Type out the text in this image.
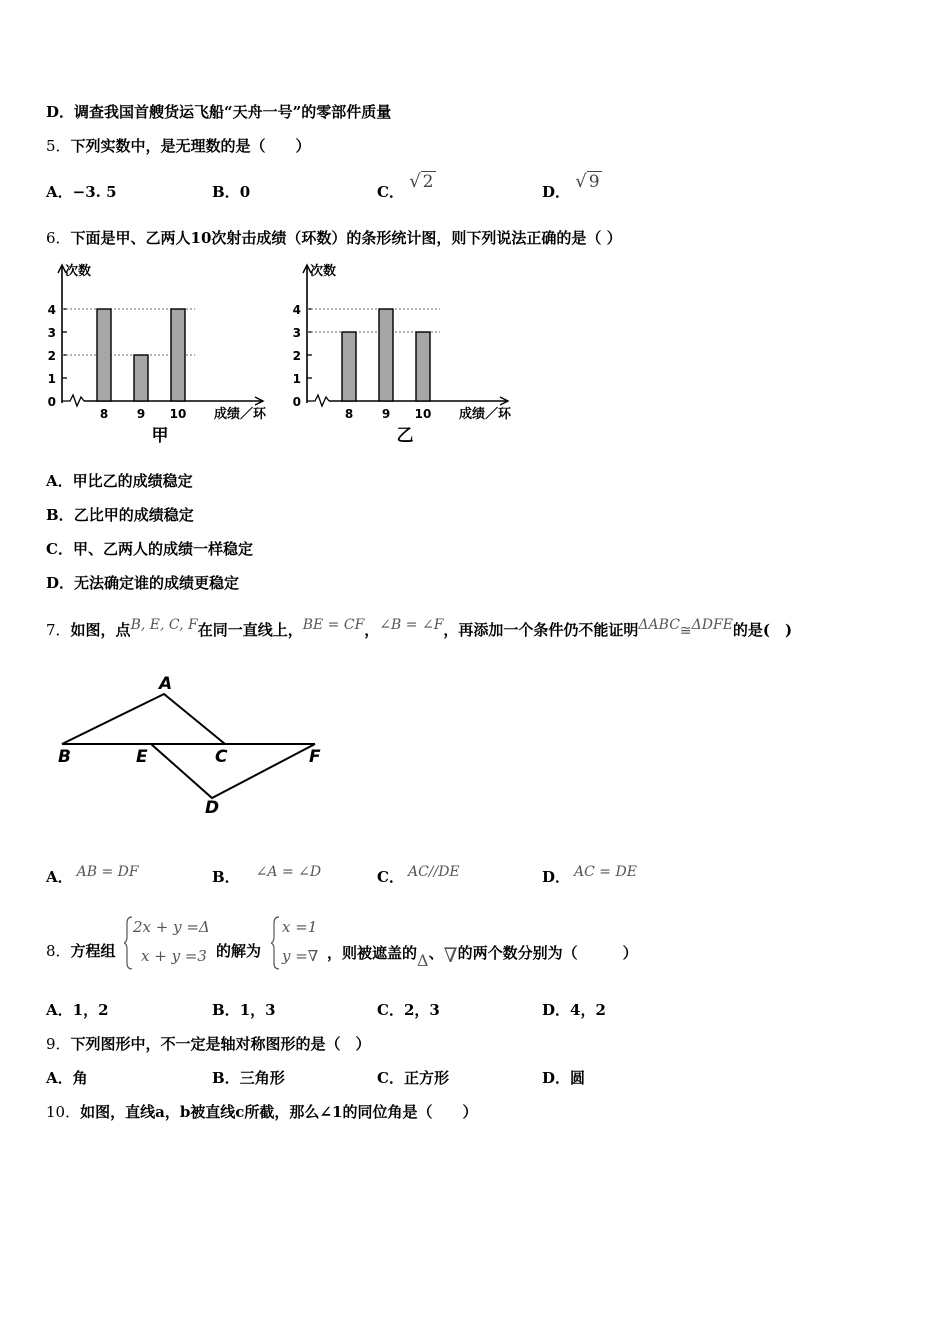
D．调查我国首艘货运飞船“天舟一号”的零部件质量
5．下列实数中，是无理数的是（　　）
A．−3. 5	B．0	C． √ 2	D． √ 9
6．下面是甲、乙两人10次射击成绩（环数）的条形统计图，则下列说法正确的是（ ）
次数
0
1
2
3
4
8 9 10 成绩／环
甲
次数
0
1
2
3
4
8 9 10 成绩／环
乙
A．甲比乙的成绩稳定
B．乙比甲的成绩稳定
C．甲、乙两人的成绩一样稳定
D．无法确定谁的成绩更稳定
7．如图，点B, E, C, F在同一直线上，BE = CF，∠B = ∠F，再添加一个条件仍不能证明ΔABC≅ΔDFE的是(　)
A
B	E	C	F
D
A． AB = DF	B． ∠A = ∠D	C． AC//DE	D． AC = DE
8．方程组
2x + y =Δ
x + y =3 的解为
x =1
y =∇ ，则被遮盖的Δ、∇的两个数分别为（　　　）
A．1，2	B．1，3	C．2，3	D．4，2
9．下列图形中，不一定是轴对称图形的是（　）
A．角	B．三角形	C．正方形	D．圆
10．如图，直线a，b被直线c所截，那么∠1的同位角是（　　）
